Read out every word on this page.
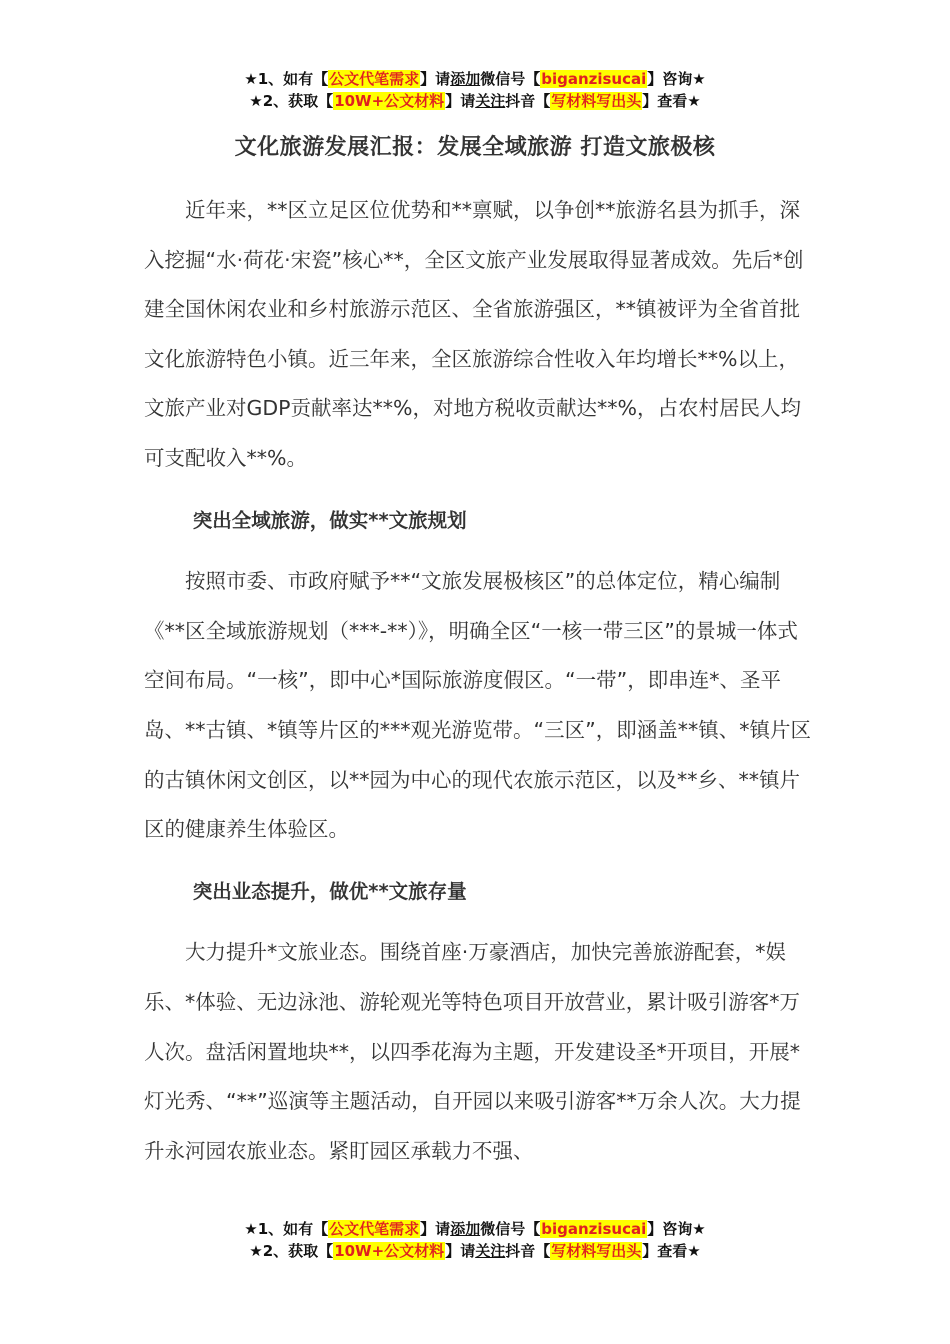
★1、如有【公文代笔需求】请添加微信号【biganzisucai】咨询★
★2、获取【10W+公文材料】请关注抖音【写材料写出头】查看★
文化旅游发展汇报：发展全域旅游 打造文旅极核

近年来，**区立足区位优势和**禀赋，以争创**旅游名县为抓手，深入挖掘“水·荷花·宋瓷”核心**，全区文旅产业发展取得显著成效。先后*创建全国休闲农业和乡村旅游示范区、全省旅游强区，**镇被评为全省首批文化旅游特色小镇。近三年来，全区旅游综合性收入年均增长**%以上，文旅产业对GDP贡献率达**%，对地方税收贡献达**%，占农村居民人均可支配收入**%。

突出全域旅游，做实**文旅规划

按照市委、市政府赋予**“文旅发展极核区”的总体定位，精心编制《**区全域旅游规划（***-**）》，明确全区“一核一带三区”的景城一体式空间布局。“一核”，即中心*国际旅游度假区。“一带”，即串连*、圣平岛、**古镇、*镇等片区的***观光游览带。“三区”，即涵盖**镇、*镇片区的古镇休闲文创区，以**园为中心的现代农旅示范区，以及**乡、**镇片区的健康养生体验区。

突出业态提升，做优**文旅存量

大力提升*文旅业态。围绕首座·万豪酒店，加快完善旅游配套，*娱乐、*体验、无边泳池、游轮观光等特色项目开放营业，累计吸引游客*万人次。盘活闲置地块**，以四季花海为主题，开发建设圣*开项目，开展*灯光秀、“**”巡演等主题活动，自开园以来吸引游客**万余人次。大力提升永河园农旅业态。紧盯园区承载力不强、

★1、如有【公文代笔需求】请添加微信号【biganzisucai】咨询★
★2、获取【10W+公文材料】请关注抖音【写材料写出头】查看★
